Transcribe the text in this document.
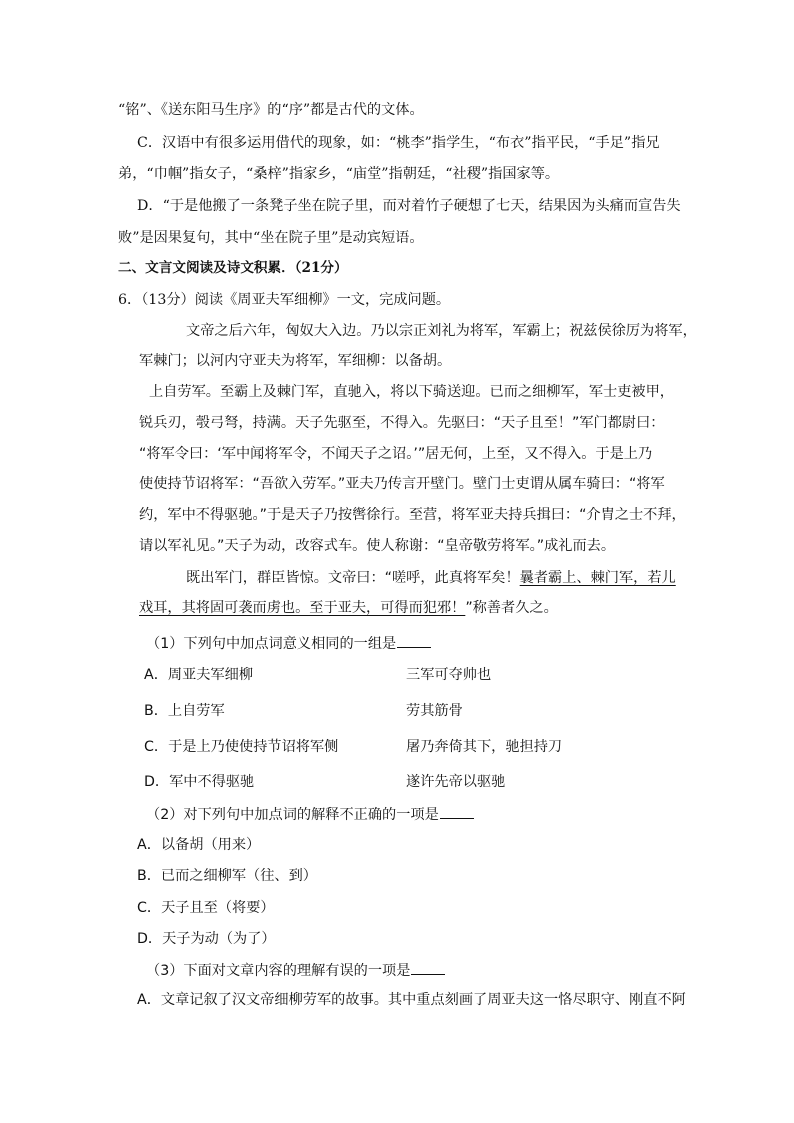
“铭”、《送东阳马生序》的“序”都是古代的文体。
C．汉语中有很多运用借代的现象，如：“桃李”指学生，“布衣”指平民，“手足”指兄
弟，“巾帼”指女子，“桑梓”指家乡，“庙堂”指朝廷，“社稷”指国家等。
D．“于是他搬了一条凳子坐在院子里，而对着竹子硬想了七天，结果因为头痛而宣告失
败”是因果复句，其中“坐在院子里”是动宾短语。
二、文言文阅读及诗文积累．（21分）
6．（13分）阅读《周亚夫军细柳》一文，完成问题。
文帝之后六年，匈奴大入边。乃以宗正刘礼为将军，军霸上；祝兹侯徐厉为将军，
军棘门；以河内守亚夫为将军，军细柳：以备胡。
上自劳军。至霸上及棘门军，直驰入，将以下骑送迎。已而之细柳军，军士吏被甲，
锐兵刃，彀弓弩，持满。天子先驱至，不得入。先驱曰：“天子且至！”军门都尉曰：
“将军令曰：‘军中闻将军令，不闻天子之诏。’”居无何，上至，又不得入。于是上乃
使使持节诏将军：“吾欲入劳军。”亚夫乃传言开壁门。壁门士吏谓从属车骑曰：“将军
约，军中不得驱驰。”于是天子乃按辔徐行。至营，将军亚夫持兵揖曰：“介胄之士不拜，
请以军礼见。”天子为动，改容式车。使人称谢：“皇帝敬劳将军。”成礼而去。
既出军门，群臣皆惊。文帝曰：“嗟呼，此真将军矣！曩者霸上、棘门军，若儿
戏耳，其将固可袭而虏也。至于亚夫，可得而犯邪！”称善者久之。
（1）下列句中加点词意义相同的一组是
A．周亚夫军细柳	三军可夺帅也
B．上自劳军	劳其筋骨
C．于是上乃使使持节诏将军侧	屠乃奔倚其下，驰担持刀
D．军中不得驱驰	遂许先帝以驱驰
（2）对下列句中加点词的解释不正确的一项是
A．以备胡（用来）
B．已而之细柳军（往、到）
C．天子且至（将要）
D．天子为动（为了）
（3）下面对文章内容的理解有误的一项是
A．文章记叙了汉文帝细柳劳军的故事。其中重点刻画了周亚夫这一恪尽职守、刚直不阿
